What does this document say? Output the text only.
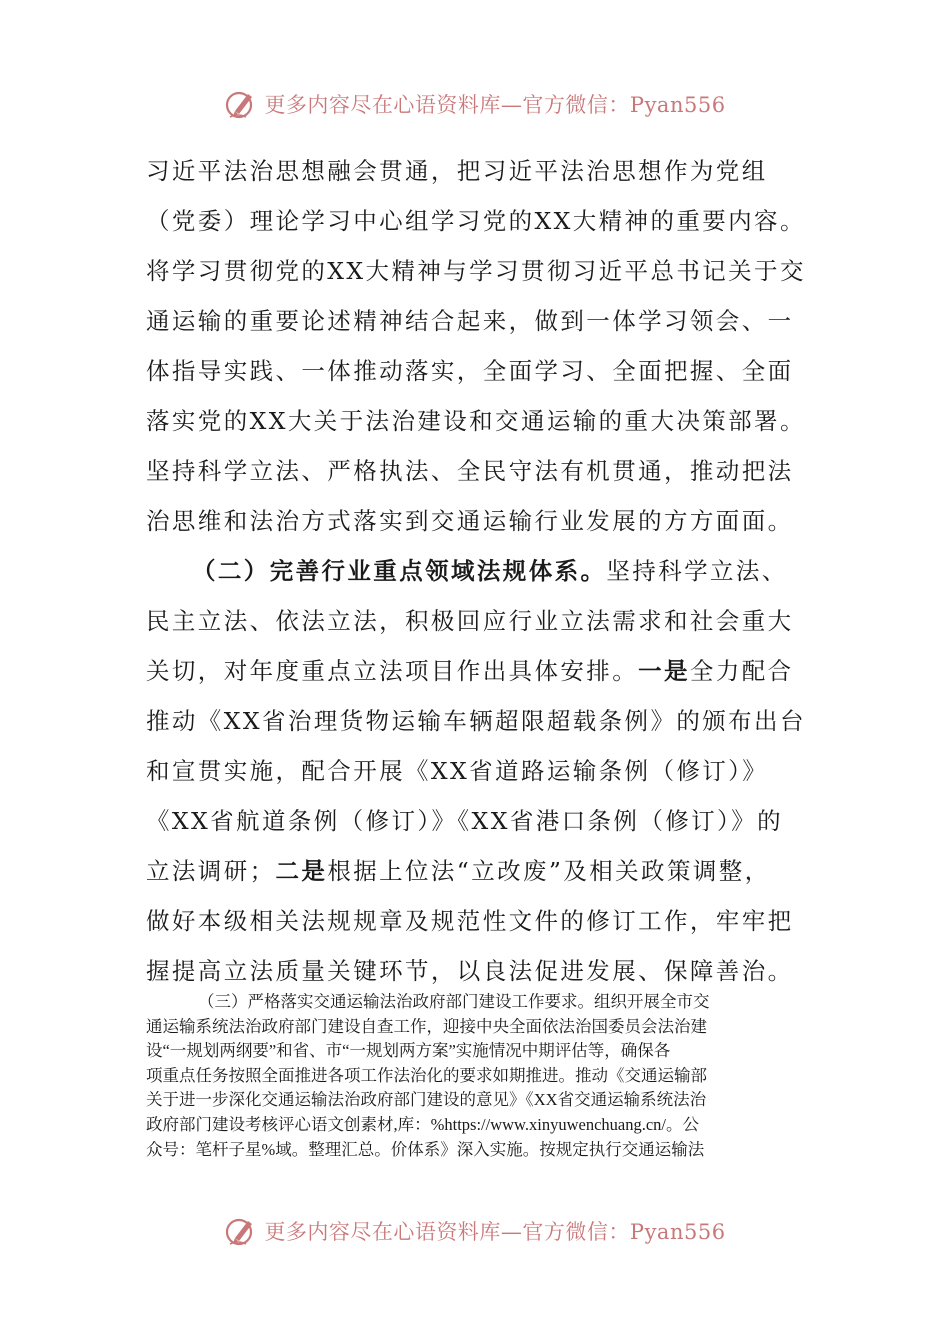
更多内容尽在心语资料库—官方微信：Pyan556
习近平法治思想融会贯通，把习近平法治思想作为党组
（党委）理论学习中心组学习党的XX大精神的重要内容。
将学习贯彻党的XX大精神与学习贯彻习近平总书记关于交
通运输的重要论述精神结合起来，做到一体学习领会、一
体指导实践、一体推动落实，全面学习、全面把握、全面
落实党的XX大关于法治建设和交通运输的重大决策部署。
坚持科学立法、严格执法、全民守法有机贯通，推动把法
治思维和法治方式落实到交通运输行业发展的方方面面。
（二）完善行业重点领域法规体系。坚持科学立法、
民主立法、依法立法，积极回应行业立法需求和社会重大
关切，对年度重点立法项目作出具体安排。一是全力配合
推动《XX省治理货物运输车辆超限超载条例》的颁布出台
和宣贯实施，配合开展《XX省道路运输条例（修订）》
《XX省航道条例（修订）》《XX省港口条例（修订）》的
立法调研；二是根据上位法“立改废”及相关政策调整，
做好本级相关法规规章及规范性文件的修订工作，牢牢把
握提高立法质量关键环节，以良法促进发展、保障善治。
（三）严格落实交通运输法治政府部门建设工作要求。组织开展全市交
通运输系统法治政府部门建设自查工作，迎接中央全面依法治国委员会法治建
设“一规划两纲要”和省、市“一规划两方案”实施情况中期评估等，确保各
项重点任务按照全面推进各项工作法治化的要求如期推进。推动《交通运输部
关于进一步深化交通运输法治政府部门建设的意见》《XX省交通运输系统法治
政府部门建设考核评心语文创素材,库：%https://www.xinyuwenchuang.cn/。公
众号：笔杆子星%域。整理汇总。价体系》深入实施。按规定执行交通运输法
更多内容尽在心语资料库—官方微信：Pyan556
